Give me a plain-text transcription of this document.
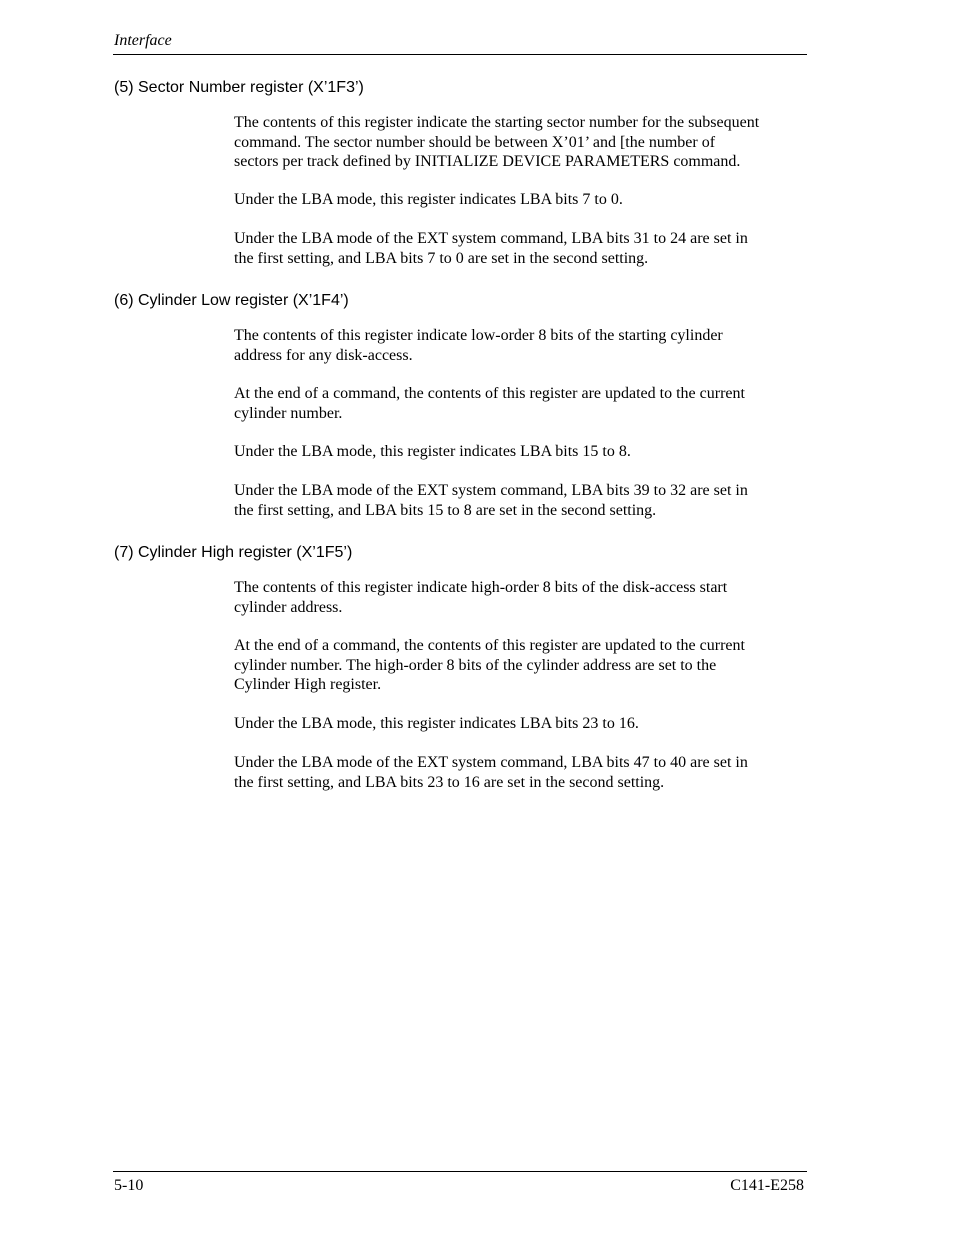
Interface
(5) Sector Number register (X’1F3’)

The contents of this register indicate the starting sector number for the subsequent
command. The sector number should be between X’01’ and [the number of
sectors per track defined by INITIALIZE DEVICE PARAMETERS command.

Under the LBA mode, this register indicates LBA bits 7 to 0.

Under the LBA mode of the EXT system command, LBA bits 31 to 24 are set in
the first setting, and LBA bits 7 to 0 are set in the second setting.

(6) Cylinder Low register (X’1F4’)

The contents of this register indicate low-order 8 bits of the starting cylinder
address for any disk-access.

At the end of a command, the contents of this register are updated to the current
cylinder number.

Under the LBA mode, this register indicates LBA bits 15 to 8.

Under the LBA mode of the EXT system command, LBA bits 39 to 32 are set in
the first setting, and LBA bits 15 to 8 are set in the second setting.

(7) Cylinder High register (X’1F5’)

The contents of this register indicate high-order 8 bits of the disk-access start
cylinder address.

At the end of a command, the contents of this register are updated to the current
cylinder number. The high-order 8 bits of the cylinder address are set to the
Cylinder High register.

Under the LBA mode, this register indicates LBA bits 23 to 16.

Under the LBA mode of the EXT system command, LBA bits 47 to 40 are set in
the first setting, and LBA bits 23 to 16 are set in the second setting.

5-10	C141-E258
